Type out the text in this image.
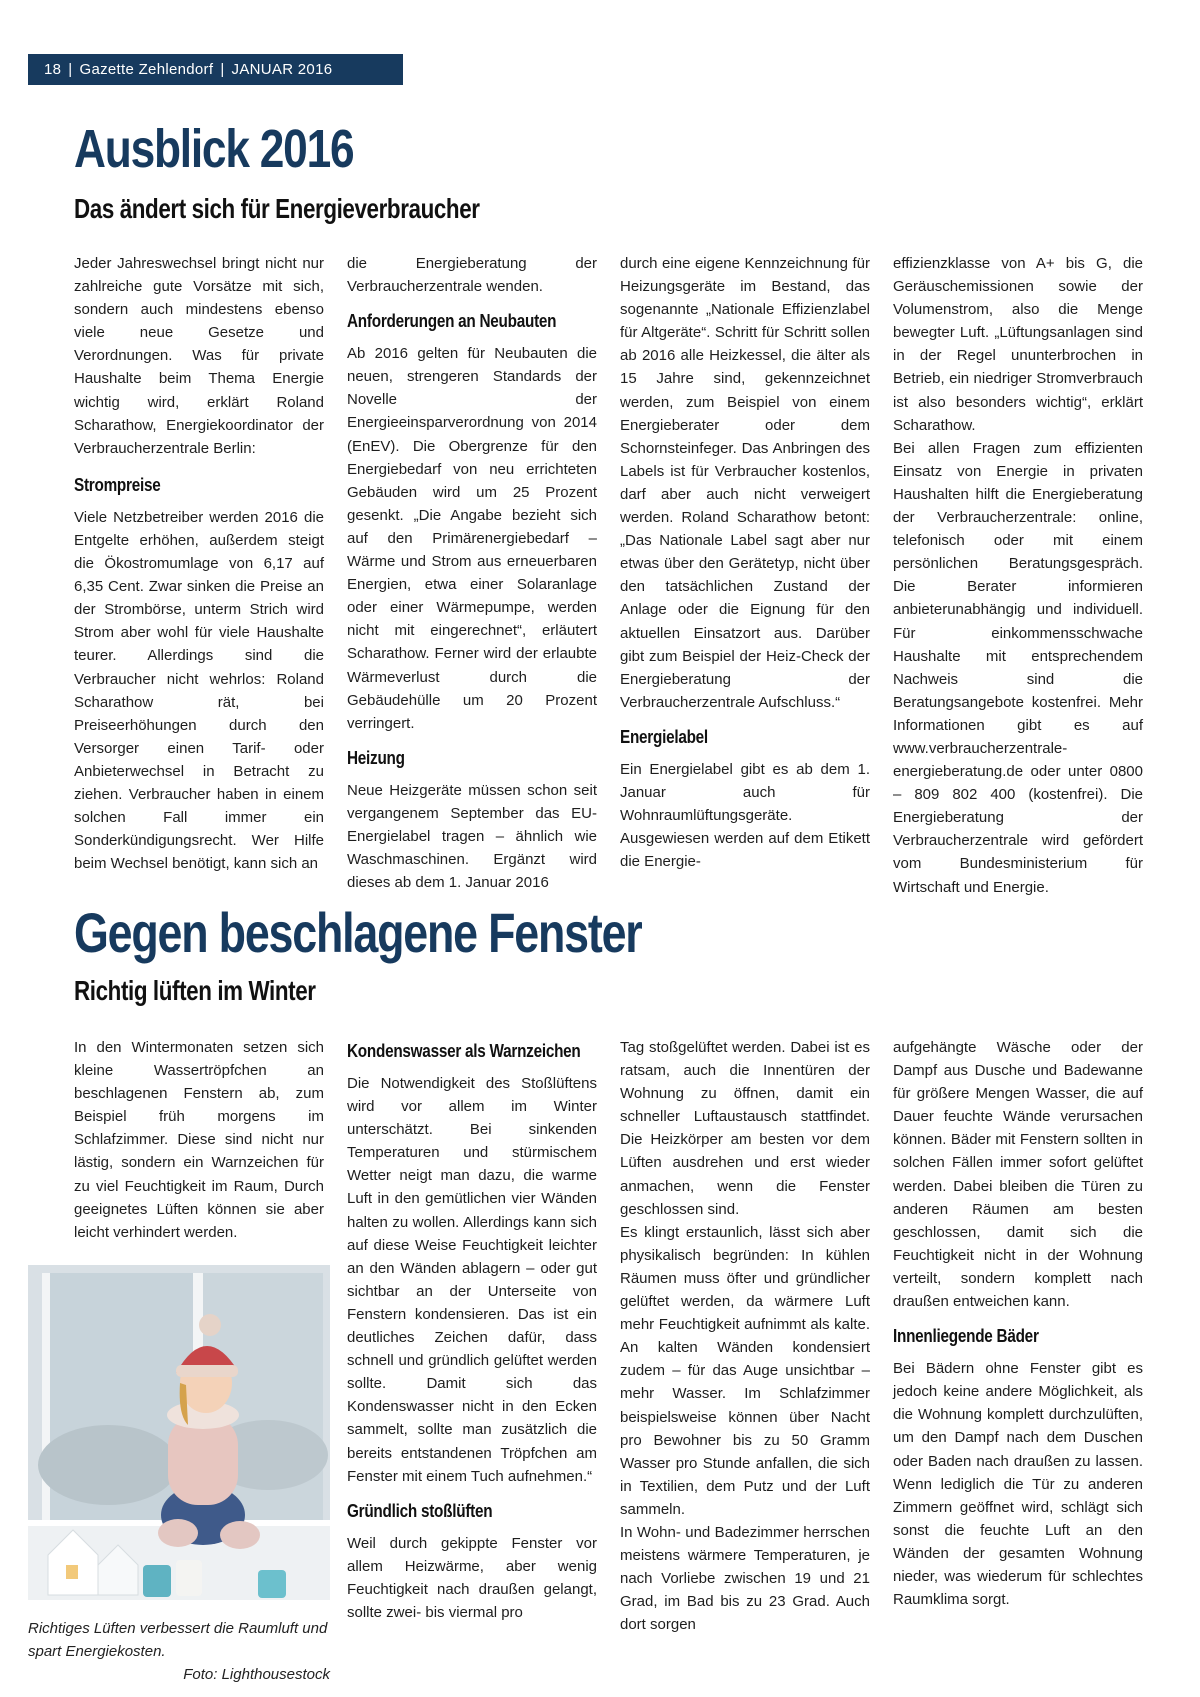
18 | Gazette Zehlendorf | JANUAR 2016
Ausblick 2016
Das ändert sich für Energieverbraucher

Jeder Jahreswechsel bringt nicht nur zahlreiche gute Vorsätze mit sich, sondern auch mindestens ebenso viele neue Gesetze und Verordnungen. Was für private Haushalte beim Thema Energie wichtig wird, erklärt Roland Scharathow, Energiekoordinator der Verbraucherzentrale Berlin:

Strompreise

Viele Netzbetreiber werden 2016 die Entgelte erhöhen, außerdem steigt die Ökostromumlage von 6,17 auf 6,35 Cent. Zwar sinken die Preise an der Strombörse, unterm Strich wird Strom aber wohl für viele Haushalte teurer. Allerdings sind die Verbraucher nicht wehrlos: Roland Scharathow rät, bei Preiseerhöhungen durch den Versorger einen Tarif- oder Anbieterwechsel in Betracht zu ziehen. Verbraucher haben in einem solchen Fall immer ein Sonderkündigungsrecht. Wer Hilfe beim Wechsel benötigt, kann sich an

die Energieberatung der Verbraucherzentrale wenden.

Anforderungen an Neubauten

Ab 2016 gelten für Neubauten die neuen, strengeren Standards der Novelle der Energieeinsparverordnung von 2014 (EnEV). Die Obergrenze für den Energiebedarf von neu errichteten Gebäuden wird um 25 Prozent gesenkt. „Die Angabe bezieht sich auf den Primärenergiebedarf – Wärme und Strom aus erneuerbaren Energien, etwa einer Solaranlage oder einer Wärmepumpe, werden nicht mit eingerechnet“, erläutert Scharathow. Ferner wird der erlaubte Wärmeverlust durch die Gebäudehülle um 20 Prozent verringert.

Heizung

Neue Heizgeräte müssen schon seit vergangenem September das EU-Energielabel tragen – ähnlich wie Waschmaschinen. Ergänzt wird dieses ab dem 1. Januar 2016

durch eine eigene Kennzeichnung für Heizungsgeräte im Bestand, das sogenannte „Nationale Effizienzlabel für Altgeräte“. Schritt für Schritt sollen ab 2016 alle Heizkessel, die älter als 15 Jahre sind, gekennzeichnet werden, zum Beispiel von einem Energieberater oder dem Schornsteinfeger. Das Anbringen des Labels ist für Verbraucher kostenlos, darf aber auch nicht verweigert werden. Roland Scharathow betont: „Das Nationale Label sagt aber nur etwas über den Gerätetyp, nicht über den tatsächlichen Zustand der Anlage oder die Eignung für den aktuellen Einsatzort aus. Darüber gibt zum Beispiel der Heiz-Check der Energieberatung der Verbraucherzentrale Aufschluss.“

Energielabel

Ein Energielabel gibt es ab dem 1. Januar auch für Wohnraumlüftungsgeräte. Ausgewiesen werden auf dem Etikett die Energie-

effizienzklasse von A+ bis G, die Geräuschemissionen sowie der Volumenstrom, also die Menge bewegter Luft. „Lüftungsanlagen sind in der Regel ununterbrochen in Betrieb, ein niedriger Stromverbrauch ist also besonders wichtig“, erklärt Scharathow.

Bei allen Fragen zum effizienten Einsatz von Energie in privaten Haushalten hilft die Energieberatung der Verbraucherzentrale: online, telefonisch oder mit einem persönlichen Beratungsgespräch. Die Berater informieren anbieterunabhängig und individuell. Für einkommensschwache Haushalte mit entsprechendem Nachweis sind die Beratungsangebote kostenfrei. Mehr Informationen gibt es auf www.verbraucherzentrale-energieberatung.de oder unter 0800 – 809 802 400 (kostenfrei). Die Energieberatung der Verbraucherzentrale wird gefördert vom Bundesministerium für Wirtschaft und Energie.

Gegen beschlagene Fenster
Richtig lüften im Winter

In den Wintermonaten setzen sich kleine Wassertröpfchen an beschlagenen Fenstern ab, zum Beispiel früh morgens im Schlafzimmer. Diese sind nicht nur lästig, sondern ein Warnzeichen für zu viel Feuchtigkeit im Raum, Durch geeignetes Lüften können sie aber leicht verhindert werden.

Richtiges Lüften verbessert die Raumluft und spart Energiekosten.
Foto: Lighthousestock
Kondenswasser als Warnzeichen

Die Notwendigkeit des Stoßlüftens wird vor allem im Winter unterschätzt. Bei sinkenden Temperaturen und stürmischem Wetter neigt man dazu, die warme Luft in den gemütlichen vier Wänden halten zu wollen. Allerdings kann sich auf diese Weise Feuchtigkeit leichter an den Wänden ablagern – oder gut sichtbar an der Unterseite von Fenstern kondensieren. Das ist ein deutliches Zeichen dafür, dass schnell und gründlich gelüftet werden sollte. Damit sich das Kondenswasser nicht in den Ecken sammelt, sollte man zusätzlich die bereits entstandenen Tröpfchen am Fenster mit einem Tuch aufnehmen.“

Gründlich stoßlüften

Weil durch gekippte Fenster vor allem Heizwärme, aber wenig Feuchtigkeit nach draußen gelangt, sollte zwei- bis viermal pro

Tag stoßgelüftet werden. Dabei ist es ratsam, auch die Innentüren der Wohnung zu öffnen, damit ein schneller Luftaustausch stattfindet. Die Heizkörper am besten vor dem Lüften ausdrehen und erst wieder anmachen, wenn die Fenster geschlossen sind.

Es klingt erstaunlich, lässt sich aber physikalisch begründen: In kühlen Räumen muss öfter und gründlicher gelüftet werden, da wärmere Luft mehr Feuchtigkeit aufnimmt als kalte. An kalten Wänden kondensiert zudem – für das Auge unsichtbar – mehr Wasser. Im Schlafzimmer beispielsweise können über Nacht pro Bewohner bis zu 50 Gramm Wasser pro Stunde anfallen, die sich in Textilien, dem Putz und der Luft sammeln.

In Wohn- und Badezimmer herrschen meistens wärmere Temperaturen, je nach Vorliebe zwischen 19 und 21 Grad, im Bad bis zu 23 Grad. Auch dort sorgen

aufgehängte Wäsche oder der Dampf aus Dusche und Badewanne für größere Mengen Wasser, die auf Dauer feuchte Wände verursachen können. Bäder mit Fenstern sollten in solchen Fällen immer sofort gelüftet werden. Dabei bleiben die Türen zu anderen Räumen am besten geschlossen, damit sich die Feuchtigkeit nicht in der Wohnung verteilt, sondern komplett nach draußen entweichen kann.

Innenliegende Bäder

Bei Bädern ohne Fenster gibt es jedoch keine andere Möglichkeit, als die Wohnung komplett durchzulüften, um den Dampf nach dem Duschen oder Baden nach draußen zu lassen. Wenn lediglich die Tür zu anderen Zimmern geöffnet wird, schlägt sich sonst die feuchte Luft an den Wänden der gesamten Wohnung nieder, was wiederum für schlechtes Raumklima sorgt.
